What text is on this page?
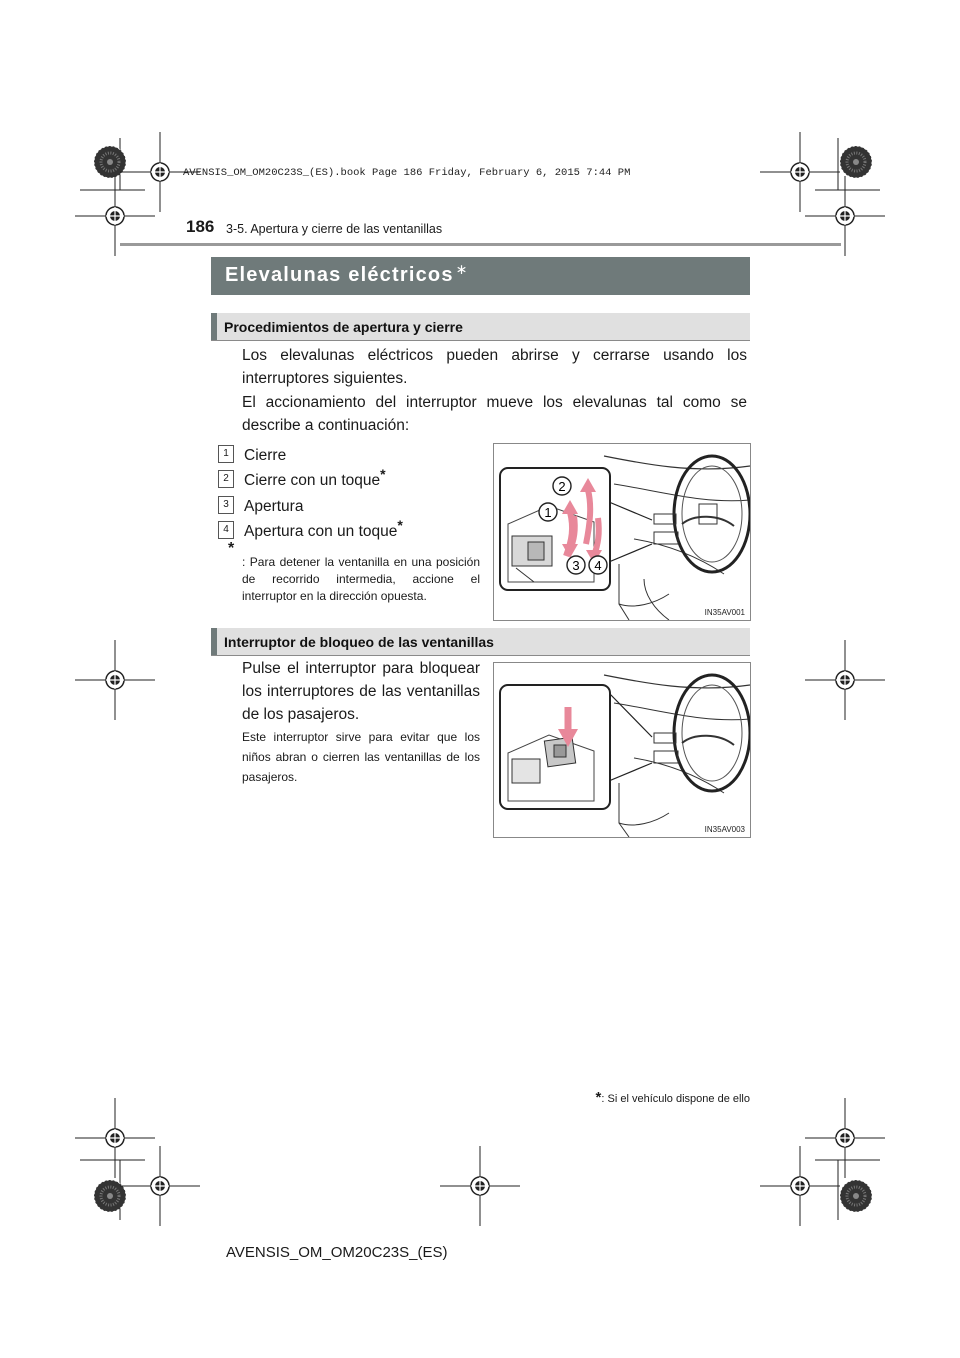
AVENSIS_OM_OM20C23S_(ES).book Page 186 Friday, February 6, 2015 7:44 PM
186 3-5. Apertura y cierre de las ventanillas
Elevalunas eléctricos ∗
Procedimientos de apertura y cierre
Los elevalunas eléctricos pueden abrirse y cerrarse usando los interruptores siguientes.
El accionamiento del interruptor mueve los elevalunas tal como se describe a continuación:
1 Cierre
2 Cierre con un toque*
3 Apertura
4 Apertura con un toque*
*
: Para detener la ventanilla en una posición de recorrido intermedia, accione el interruptor en la dirección opuesta.
1
2
3 4
IN35AV001
Interruptor de bloqueo de las ventanillas
Pulse el interruptor para bloquear los interruptores de las ventanillas de los pasajeros.
Este interruptor sirve para evitar que los niños abran o cierren las ventanillas de los pasajeros.
IN35AV003
*: Si el vehículo dispone de ello
AVENSIS_OM_OM20C23S_(ES)
